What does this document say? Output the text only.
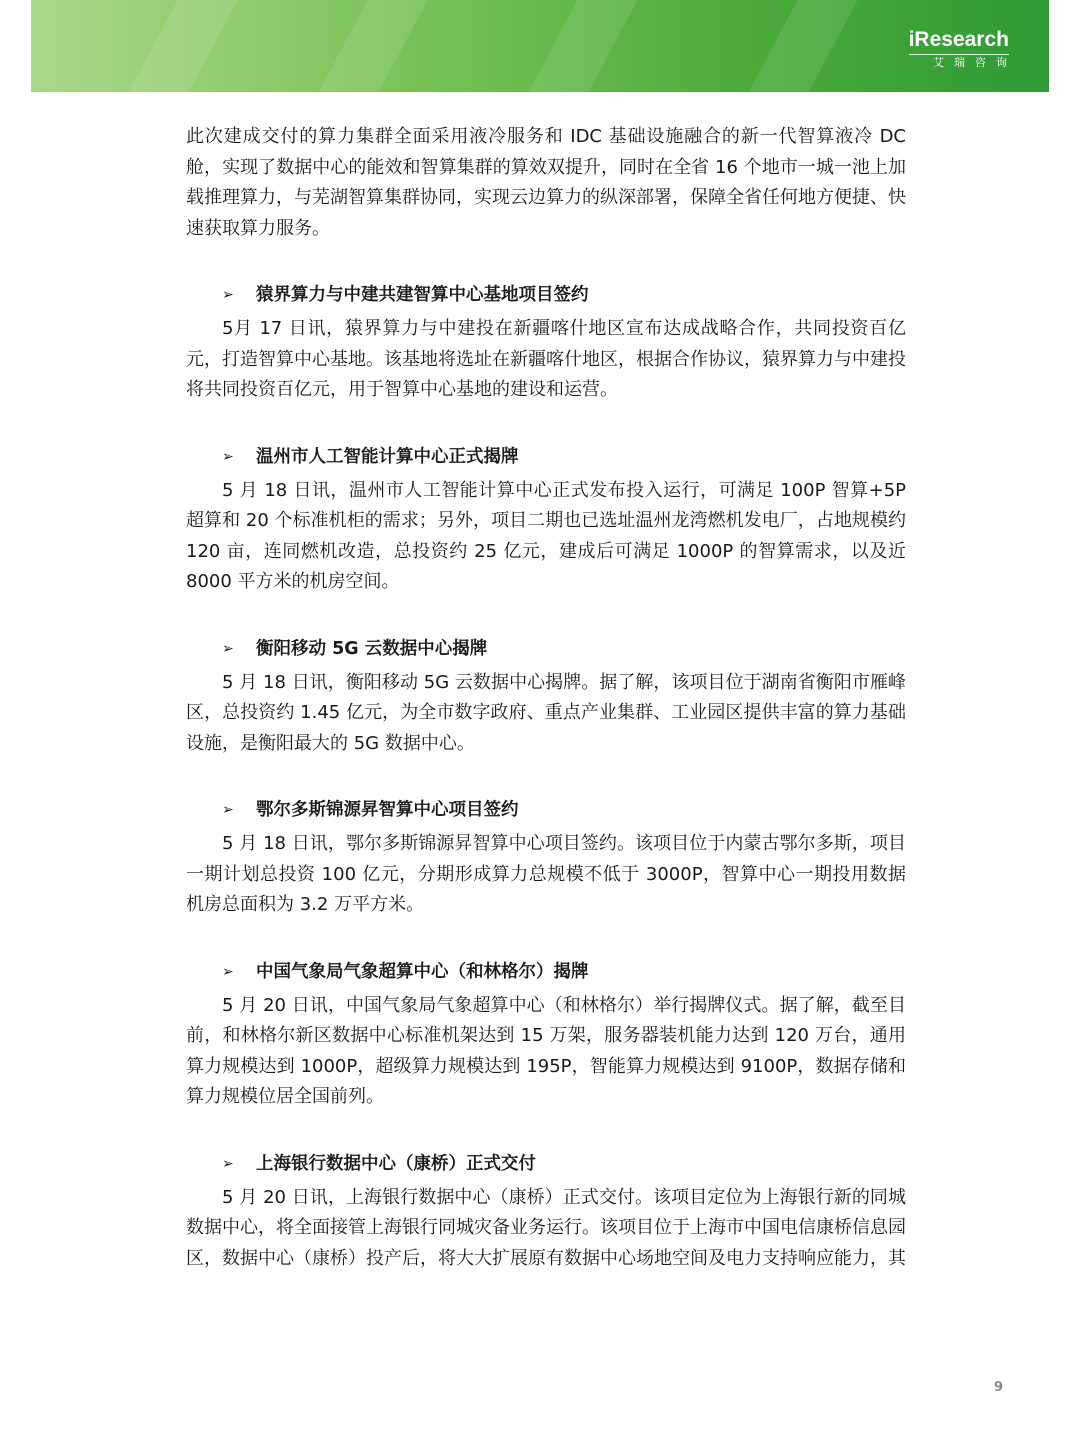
iResearch
艾瑞咨询

此次建成交付的算力集群全面采用液冷服务和 IDC 基础设施融合的新一代智算液冷 DC 舱，实现了数据中心的能效和智算集群的算效双提升，同时在全省 16 个地市一城一池上加载推理算力，与芜湖智算集群协同，实现云边算力的纵深部署，保障全省任何地方便捷、快速获取算力服务。

➢	猿界算力与中建共建智算中心基地项目签约

5月 17 日讯，猿界算力与中建投在新疆喀什地区宣布达成战略合作，共同投资百亿元，打造智算中心基地。该基地将选址在新疆喀什地区，根据合作协议，猿界算力与中建投将共同投资百亿元，用于智算中心基地的建设和运营。

➢	温州市人工智能计算中心正式揭牌

5 月 18 日讯，温州市人工智能计算中心正式发布投入运行，可满足 100P 智算+5P 超算和 20 个标准机柜的需求；另外，项目二期也已选址温州龙湾燃机发电厂，占地规模约 120 亩，连同燃机改造，总投资约 25 亿元，建成后可满足 1000P 的智算需求，以及近 8000 平方米的机房空间。

➢	衡阳移动 5G 云数据中心揭牌

5 月 18 日讯，衡阳移动 5G 云数据中心揭牌。据了解，该项目位于湖南省衡阳市雁峰区，总投资约 1.45 亿元，为全市数字政府、重点产业集群、工业园区提供丰富的算力基础设施，是衡阳最大的 5G 数据中心。

➢	鄂尔多斯锦源昇智算中心项目签约

5 月 18 日讯，鄂尔多斯锦源昇智算中心项目签约。该项目位于内蒙古鄂尔多斯，项目一期计划总投资 100 亿元，分期形成算力总规模不低于 3000P，智算中心一期投用数据机房总面积为 3.2 万平方米。

➢	中国气象局气象超算中心（和林格尔）揭牌

5 月 20 日讯，中国气象局气象超算中心（和林格尔）举行揭牌仪式。据了解，截至目前，和林格尔新区数据中心标准机架达到 15 万架，服务器装机能力达到 120 万台，通用算力规模达到 1000P，超级算力规模达到 195P，智能算力规模达到 9100P，数据存储和算力规模位居全国前列。

➢	上海银行数据中心（康桥）正式交付

5 月 20 日讯，上海银行数据中心（康桥）正式交付。该项目定位为上海银行新的同城数据中心，将全面接管上海银行同城灾备业务运行。该项目位于上海市中国电信康桥信息园区，数据中心（康桥）投产后，将大大扩展原有数据中心场地空间及电力支持响应能力，其

9
